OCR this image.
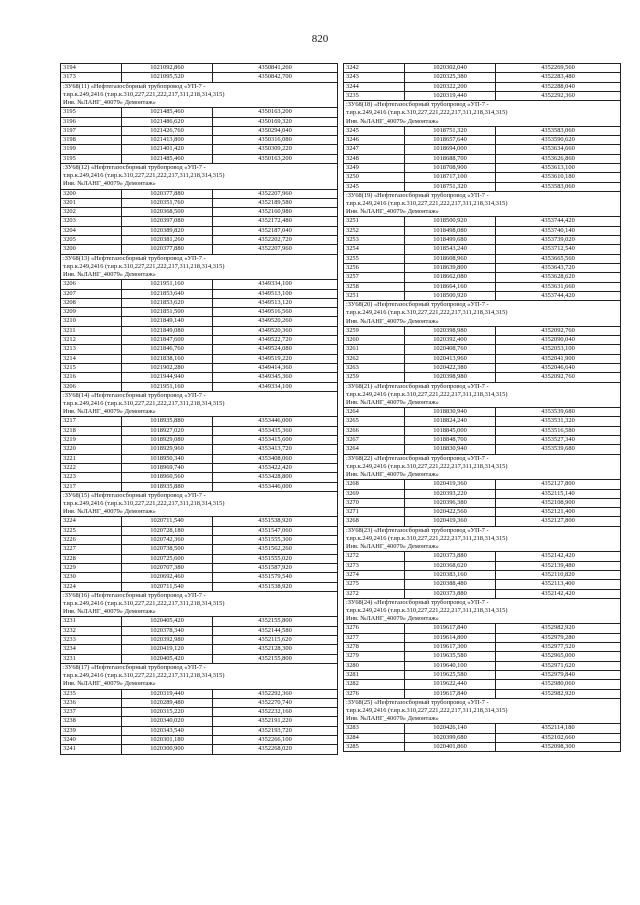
820
3194	1021092,860	4350841,260
3173	1021095,520	4350842,700

:ЗУ68(11) «Нефтегазосборный трубопровод «УП-7 -
т.вр.к.249,2416 (т.вр.к.310,227,221,222,217,311,218,314,315)
Инв. №ЛАНГ_40079» Демонтаж»		

3195	1021485,460	4350163,200
3196	1021486,620	4350169,320
3197	1021426,760	4350294,040
3198	1021413,800	4350316,080
3199	1021401,420	4350309,220
3195	1021485,460	4350163,200

:ЗУ68(12) «Нефтегазосборный трубопровод «УП-7 -
т.вр.к.249,2416 (т.вр.к.310,227,221,222,217,311,218,314,315)
Инв. №ЛАНГ_40079» Демонтаж»		

3200	1020377,880	4352207,960
3201	1020351,760	4352189,580
3202	1020368,500	4352160,980
3203	1020397,080	4352172,480
3204	1020389,820	4352187,040
3205	1020381,260	4352202,720
3200	1020377,880	4352207,960

:ЗУ68(13) «Нефтегазосборный трубопровод «УП-7 -
т.вр.к.249,2416 (т.вр.к.310,227,221,222,217,311,218,314,315)
Инв. №ЛАНГ_40079» Демонтаж»		

3206	1021951,160	4349334,100
3207	1021853,640	4349513,100
3208	1021853,620	4349513,120
3209	1021851,500	4349516,560
3210	1021849,140	4349520,260
3211	1021849,080	4349520,360
3212	1021847,600	4349522,720
3213	1021846,760	4349524,080
3214	1021838,160	4349519,220
3215	1021902,280	4349414,360
3216	1021944,940	4349345,360
3206	1021951,160	4349334,100

:ЗУ68(14) «Нефтегазосборный трубопровод «УП-7 -
т.вр.к.249,2416 (т.вр.к.310,227,221,222,217,311,218,314,315)
Инв. №ЛАНГ_40079» Демонтаж»		

3217	1018935,880	4353446,000
3218	1018927,020	4353435,360
3219	1018929,080	4353415,600
3220	1018929,960	4353413,720
3221	1018950,340	4353408,060
3222	1018969,740	4353422,420
3223	1018960,560	4353428,800
3217	1018935,880	4353446,000

:ЗУ68(15) «Нефтегазосборный трубопровод «УП-7 -
т.вр.к.249,2416 (т.вр.к.310,227,221,222,217,311,218,314,315)
Инв. №ЛАНГ_40079» Демонтаж»		

3224	1020711,540	4351538,920
3225	1020728,180	4351547,060
3226	1020742,360	4351555,300
3227	1020738,500	4351562,260
3228	1020725,600	4351555,020
3229	1020707,380	4351587,920
3230	1020692,460	4351579,540
3224	1020711,540	4351538,920

:ЗУ68(16) «Нефтегазосборный трубопровод «УП-7 -
т.вр.к.249,2416 (т.вр.к.310,227,221,222,217,311,218,314,315)
Инв. №ЛАНГ_40079» Демонтаж»		

3231	1020405,420	4352155,800
3232	1020378,340	4352144,580
3233	1020392,980	4352115,620
3234	1020419,120	4352128,300
3231	1020405,420	4352155,800

:ЗУ68(17) «Нефтегазосборный трубопровод «УП-7 -
т.вр.к.249,2416 (т.вр.к.310,227,221,222,217,311,218,314,315)
Инв. №ЛАНГ_40079» Демонтаж»		

3235	1020319,440	4352292,360
3236	1020289,480	4352270,740
3237	1020315,220	4352232,160
3238	1020340,020	4352191,220
3239	1020343,540	4352193,720
3240	1020301,180	4352266,100
3241	1020300,900	4352268,020
3242	1020302,040	4352269,560
3243	1020325,380	4352283,480
3244	1020322,200	4352288,040
3235	1020319,440	4352292,360

:ЗУ68(18) «Нефтегазосборный трубопровод «УП-7 -
т.вр.к.249,2416 (т.вр.к.310,227,221,222,217,311,218,314,315)
Инв. №ЛАНГ_40079» Демонтаж»		

3245	1018751,320	4353583,060
3246	1018657,640	4353590,620
3247	1018694,000	4353634,660
3248	1018688,700	4353626,860
3249	1018708,900	4353613,100
3250	1018717,100	4353610,180
3245	1018751,320	4353583,060

:ЗУ68(19) «Нефтегазосборный трубопровод «УП-7 -
т.вр.к.249,2416 (т.вр.к.310,227,221,222,217,311,218,314,315)
Инв. №ЛАНГ_40079» Демонтаж»		

3251	1018500,920	4353744,420
3252	1018498,080	4353740,140
3253	1018499,680	4353739,020
3254	1018543,240	4353712,540
3255	1018608,960	4353665,560
3256	1018639,800	4353643,720
3257	1018662,080	4353628,620
3258	1018664,160	4353631,660
3251	1018500,920	4353744,420

:ЗУ68(20) «Нефтегазосборный трубопровод «УП-7 -
т.вр.к.249,2416 (т.вр.к.310,227,221,222,217,311,218,314,315)
Инв. №ЛАНГ_40079» Демонтаж»		

3259	1020398,980	4352092,760
3260	1020392,400	4352090,040
3261	1020408,760	4352053,100
3262	1020413,960	4352041,900
3263	1020422,380	4352046,640
3259	1020398,980	4352092,760

:ЗУ68(21) «Нефтегазосборный трубопровод «УП-7 -
т.вр.к.249,2416 (т.вр.к.310,227,221,222,217,311,218,314,315)
Инв. №ЛАНГ_40079» Демонтаж»		

3264	1018830,940	4353539,680
3265	1018824,240	4353531,320
3266	1018845,000	4353516,580
3267	1018848,700	4353527,340
3264	1018830,940	4353539,680

:ЗУ68(22) «Нефтегазосборный трубопровод «УП-7 -
т.вр.к.249,2416 (т.вр.к.310,227,221,222,217,311,218,314,315)
Инв. №ЛАНГ_40079» Демонтаж»		

3268	1020419,360	4352127,800
3269	1020393,220	4352115,140
3270	1020396,380	4352108,900
3271	1020422,560	4352121,400
3268	1020419,360	4352127,800

:ЗУ68(23) «Нефтегазосборный трубопровод «УП-7 -
т.вр.к.249,2416 (т.вр.к.310,227,221,222,217,311,218,314,315)
Инв. №ЛАНГ_40079» Демонтаж»		

3272	1020373,880	4352142,420
3273	1020368,620	4352139,480
3274	1020383,160	4352110,820
3275	1020388,480	4352113,400
3272	1020373,880	4352142,420

:ЗУ68(24) «Нефтегазосборный трубопровод «УП-7 -
т.вр.к.249,2416 (т.вр.к.310,227,221,222,217,311,218,314,315)
Инв. №ЛАНГ_40079» Демонтаж»		

3276	1019617,840	4352982,920
3277	1019614,800	4352979,280
3278	1019617,300	4352977,520
3279	1019635,580	4352965,000
3280	1019640,100	4352971,620
3281	1019625,580	4352979,840
3282	1019622,440	4352980,060
3276	1019617,840	4352982,920

:ЗУ68(25) «Нефтегазосборный трубопровод «УП-7 -
т.вр.к.249,2416 (т.вр.к.310,227,221,222,217,311,218,314,315)
Инв. №ЛАНГ_40079» Демонтаж»		

3283	1020426,140	4352114,180
3284	1020399,680	4352102,660
3285	1020401,860	4352098,300
